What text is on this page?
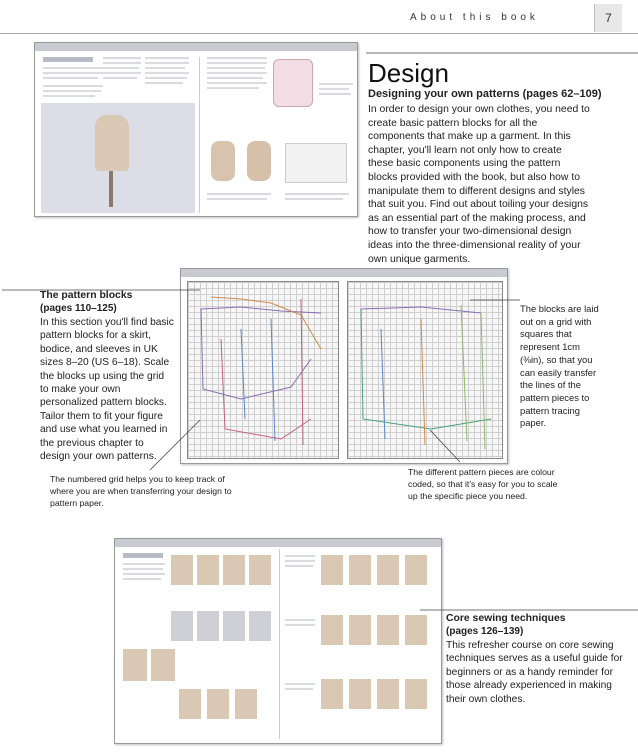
About this book	7
Design
Designing your own patterns (pages 62–109)
In order to design your own clothes, you need to create basic pattern blocks for all the components that make up a garment. In this chapter, you'll learn not only how to create these basic components using the pattern blocks provided with the book, but also how to manipulate them to different designs and styles that suit you. Find out about toiling your designs as an essential part of the making process, and how to transfer your two-dimensional design ideas into the three-dimensional reality of your own unique garments.
The pattern blocks
(pages 110–125)
In this section you'll find basic pattern blocks for a skirt, bodice, and sleeves in UK sizes 8–20 (US 6–18). Scale the blocks up using the grid to make your own personalized pattern blocks. Tailor them to fit your figure and use what you learned in the previous chapter to design your own patterns.
The blocks are laid out on a grid with squares that represent 1cm (⅜in), so that you can easily transfer the lines of the pattern pieces to pattern tracing paper.
The numbered grid helps you to keep track of where you are when transferring your design to pattern paper.
The different pattern pieces are colour coded, so that it's easy for you to scale up the specific piece you need.
Core sewing techniques
(pages 126–139)
This refresher course on core sewing techniques serves as a useful guide for beginners or as a handy reminder for those already experienced in making their own clothes.
